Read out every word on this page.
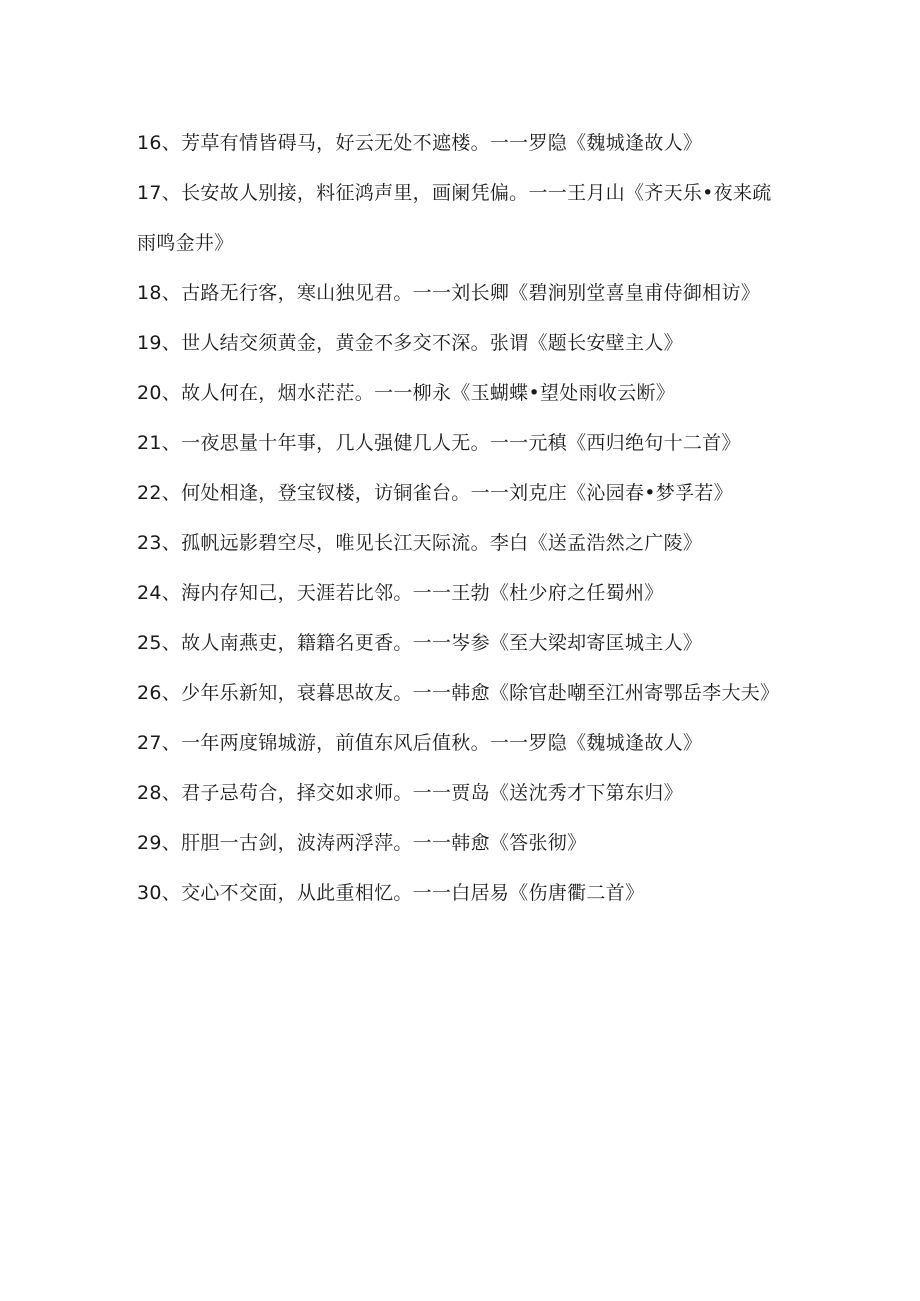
16、芳草有情皆碍马，好云无处不遮楼。一一罗隐《魏城逢故人》

17、长安故人别接，料征鸿声里，画阑凭偏。一一王月山《齐天乐•夜来疏雨鸣金井》

18、古路无行客，寒山独见君。一一刘长卿《碧涧别堂喜皇甫侍御相访》

19、世人结交须黄金，黄金不多交不深。张谓《题长安壁主人》

20、故人何在，烟水茫茫。一一柳永《玉蝴蝶•望处雨收云断》

21、一夜思量十年事，几人强健几人无。一一元稹《西归绝句十二首》

22、何处相逢，登宝钗楼，访铜雀台。一一刘克庄《沁园春•梦孚若》

23、孤帆远影碧空尽，唯见长江天际流。李白《送孟浩然之广陵》

24、海内存知己，天涯若比邻。一一王勃《杜少府之任蜀州》

25、故人南燕吏，籍籍名更香。一一岑参《至大梁却寄匡城主人》

26、少年乐新知，衰暮思故友。一一韩愈《除官赴嘲至江州寄鄂岳李大夫》

27、一年两度锦城游，前值东风后值秋。一一罗隐《魏城逢故人》

28、君子忌苟合，择交如求师。一一贾岛《送沈秀才下第东归》

29、肝胆一古剑，波涛两浮萍。一一韩愈《答张彻》

30、交心不交面，从此重相忆。一一白居易《伤唐衢二首》
